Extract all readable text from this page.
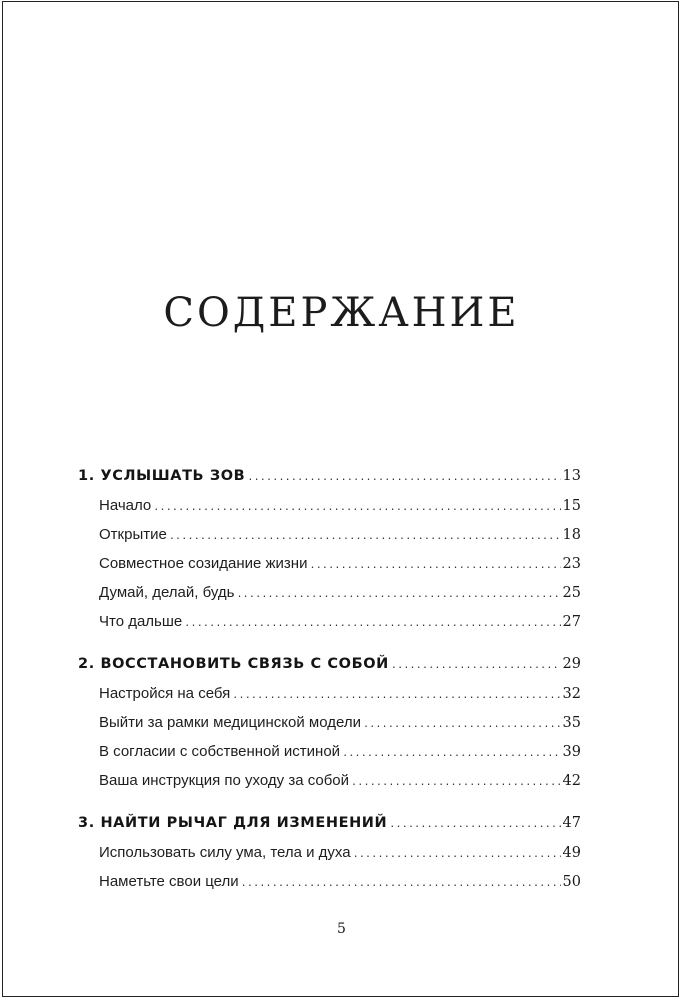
СОДЕРЖАНИЕ
1. УСЛЫШАТЬ ЗОВ .....	13
Начало .....	15
Открытие .....	18
Совместное созидание жизни .....	23
Думай, делай, будь .....	25
Что дальше .....	27
2. ВОССТАНОВИТЬ СВЯЗЬ С СОБОЙ .....	29
Настройся на себя .....	32
Выйти за рамки медицинской модели .....	35
В согласии с собственной истиной .....	39
Ваша инструкция по уходу за собой .....	42
3. НАЙТИ РЫЧАГ ДЛЯ ИЗМЕНЕНИЙ .....	47
Использовать силу ума, тела и духа .....	49
Наметьте свои цели .....	50
5
